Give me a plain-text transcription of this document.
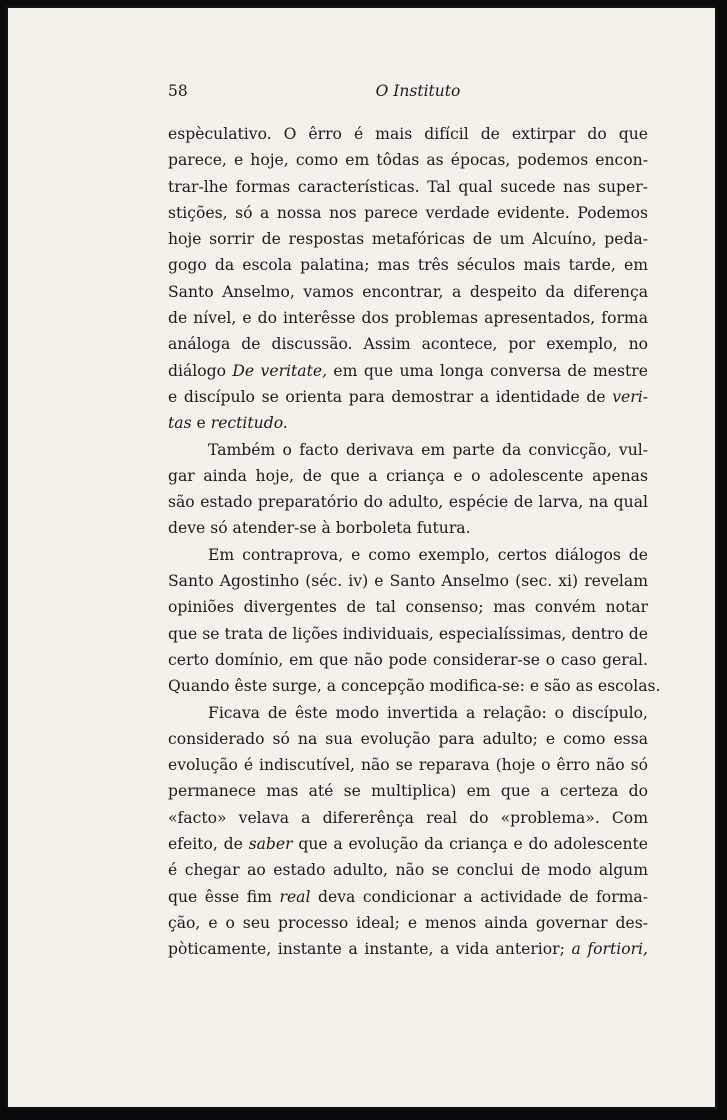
58	O Instituto
espèculativo. O êrro é mais difícil de extirpar do que
parece, e hoje, como em tôdas as épocas, podemos encon-
trar-lhe formas características. Tal qual sucede nas super-
stições, só a nossa nos parece verdade evidente. Podemos
hoje sorrir de respostas metafóricas de um Alcuíno, peda-
gogo da escola palatina; mas três séculos mais tarde, em
Santo Anselmo, vamos encontrar, a despeito da diferença
de nível, e do interêsse dos problemas apresentados, forma
análoga de discussão. Assim acontece, por exemplo, no
diálogo De veritate, em que uma longa conversa de mestre
e discípulo se orienta para demostrar a identidade de veri-
tas e rectitudo.
Também o facto derivava em parte da convicção, vul-
gar ainda hoje, de que a criança e o adolescente apenas
são estado preparatório do adulto, espécie de larva, na qual
deve só atender-se à borboleta futura.
Em contraprova, e como exemplo, certos diálogos de
Santo Agostinho (séc. iv) e Santo Anselmo (sec. xi) revelam
opiniões divergentes de tal consenso; mas convém notar
que se trata de lições individuais, especialíssimas, dentro de
certo domínio, em que não pode considerar-se o caso geral.
Quando êste surge, a concepção modifica-se: e são as escolas.
Ficava de êste modo invertida a relação: o discípulo,
considerado só na sua evolução para adulto; e como essa
evolução é indiscutível, não se reparava (hoje o êrro não só
permanece mas até se multiplica) em que a certeza do
«facto» velava a difererênça real do «problema». Com
efeito, de saber que a evolução da criança e do adolescente
é chegar ao estado adulto, não se conclui de modo algum
que êsse fim real deva condicionar a actividade de forma-
ção, e o seu processo ideal; e menos ainda governar des-
pòticamente, instante a instante, a vida anterior; a fortiori,
